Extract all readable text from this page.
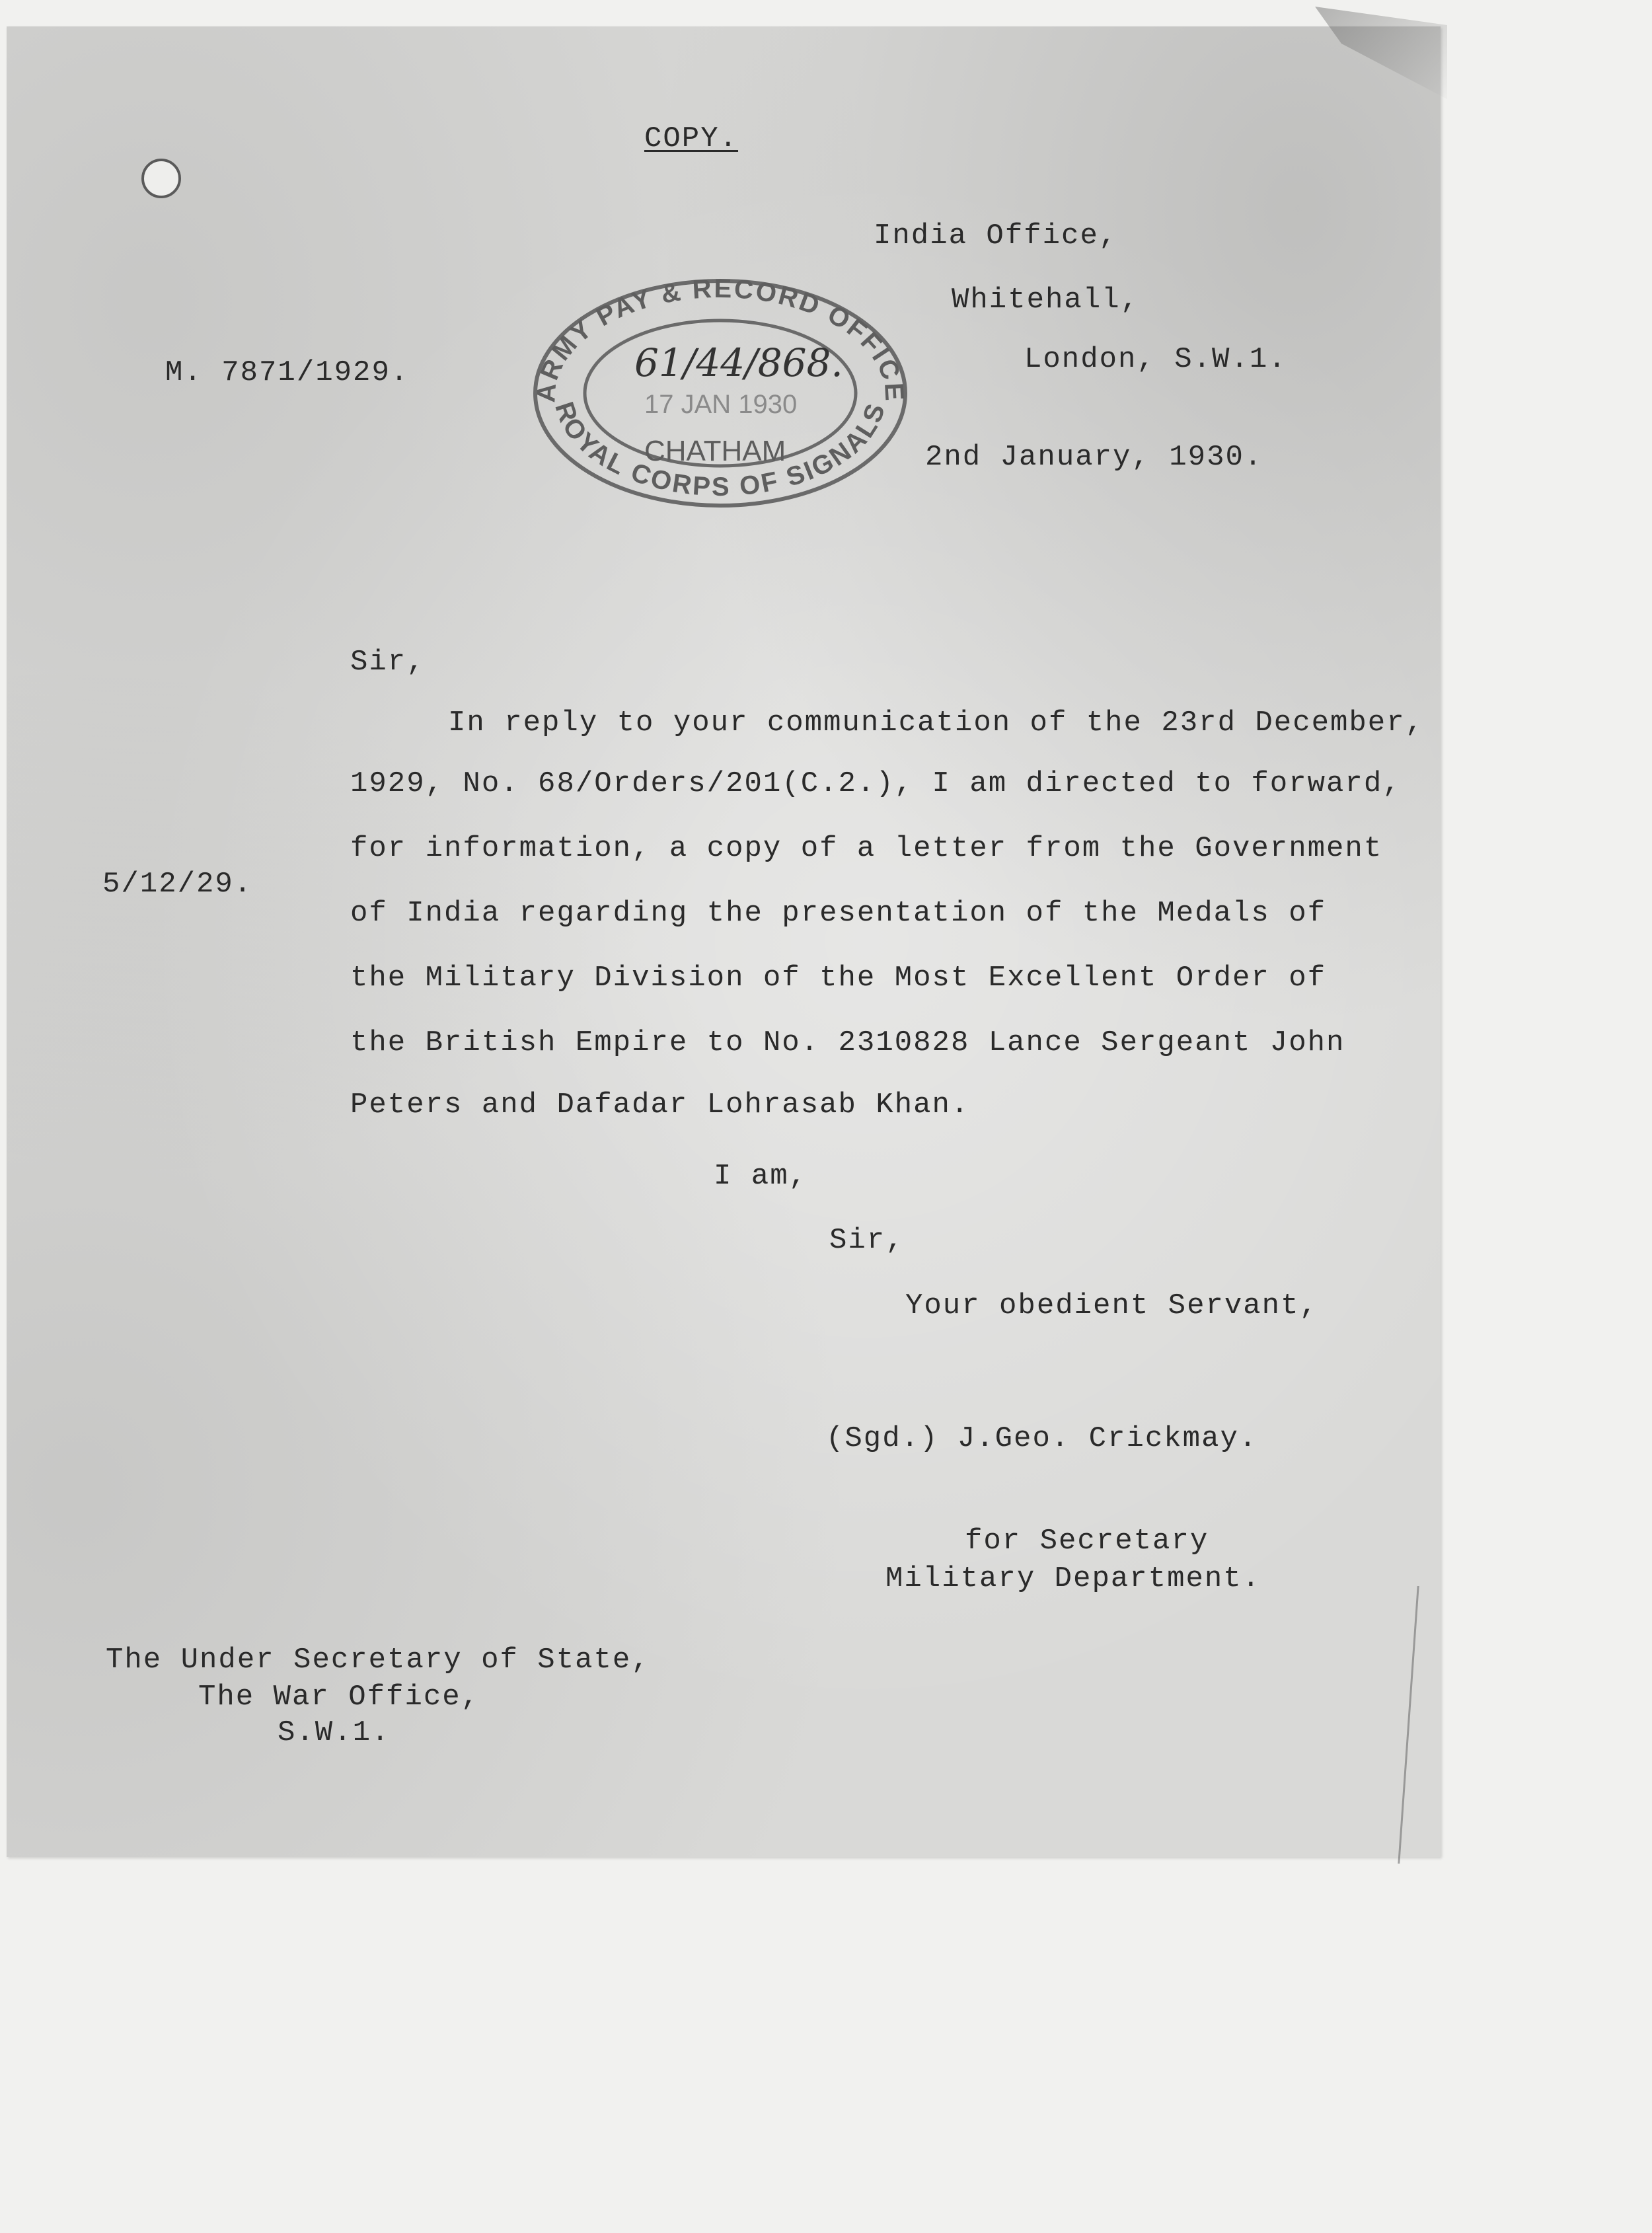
COPY.
India Office,
Whitehall,
London, S.W.1.
M. 7871/1929.
ARMY PAY & RECORD OFFICE
ROYAL CORPS OF SIGNALS
61/44/868.
17 JAN 1930
CHATHAM	2nd January, 1930.
Sir,
In reply to your communication of the 23rd December,
1929, No. 68/Orders/201(C.2.), I am directed to forward,
for information, a copy of a letter from the Government
of India regarding the presentation of the Medals of
the Military Division of the Most Excellent Order of
the British Empire to No. 2310828 Lance Sergeant John
Peters and Dafadar Lohrasab Khan.
5/12/29.
I am,
Sir,
Your obedient Servant,
(Sgd.) J.Geo. Crickmay.
for Secretary
Military Department.
The Under Secretary of State,
The War Office,
S.W.1.
